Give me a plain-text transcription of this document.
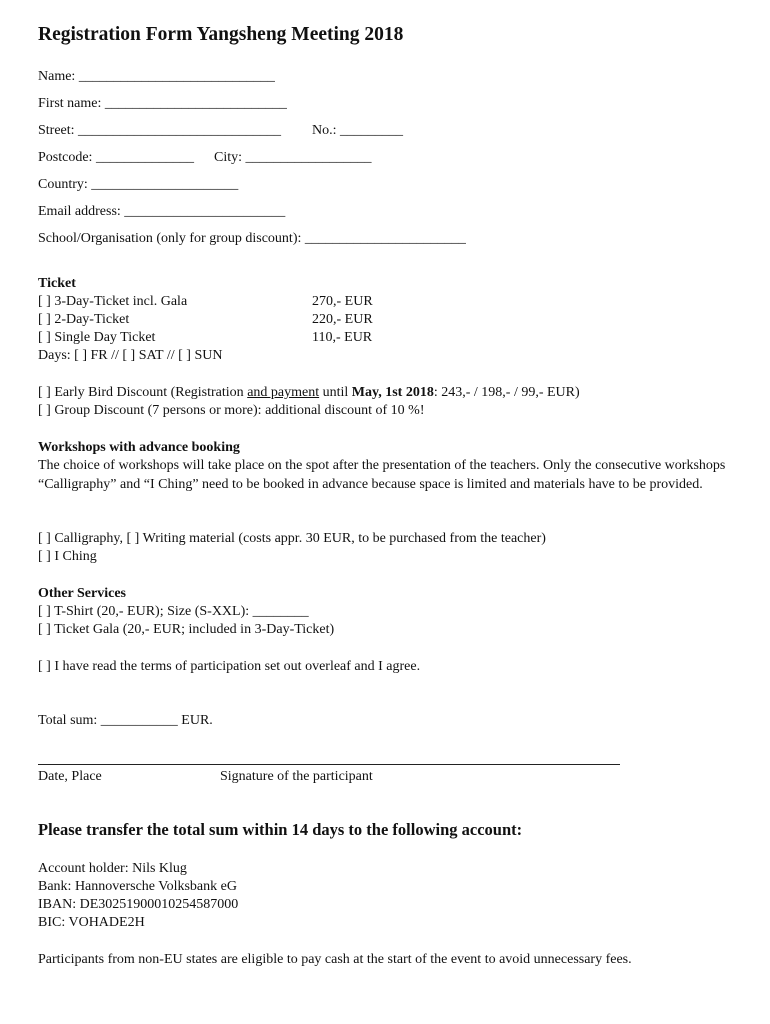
Registration Form Yangsheng Meeting 2018
Name: ____________________________
First name: __________________________
Street: _____________________________ No.: _________
Postcode: ______________ City: __________________
Country: _____________________
Email address: _______________________
School/Organisation (only for group discount): _______________________
Ticket
[ ] 3-Day-Ticket incl. Gala	270,- EUR
[ ] 2-Day-Ticket	220,- EUR
[ ] Single Day Ticket	110,- EUR
Days: [ ] FR // [ ] SAT // [ ] SUN
[ ] Early Bird Discount (Registration and payment until May, 1st 2018: 243,- / 198,- / 99,- EUR)
[ ] Group Discount (7 persons or more): additional discount of 10 %!
Workshops with advance booking
The choice of workshops will take place on the spot after the presentation of the teachers. Only the consecutive workshops “Calligraphy” and “I Ching” need to be booked in advance because space is limited and materials have to be provided.
[ ] Calligraphy, [ ] Writing material (costs appr. 30 EUR, to be purchased from the teacher)
[ ] I Ching
Other Services
[ ] T-Shirt (20,- EUR); Size (S-XXL): ________
[ ] Ticket Gala (20,- EUR; included in 3-Day-Ticket)
[ ] I have read the terms of participation set out overleaf and I agree.
Total sum: ___________ EUR.
Date, Place	Signature of the participant
Please transfer the total sum within 14 days to the following account:
Account holder: Nils Klug
Bank: Hannoversche Volksbank eG
IBAN: DE30251900010254587000
BIC: VOHADE2H
Participants from non-EU states are eligible to pay cash at the start of the event to avoid unnecessary fees.
